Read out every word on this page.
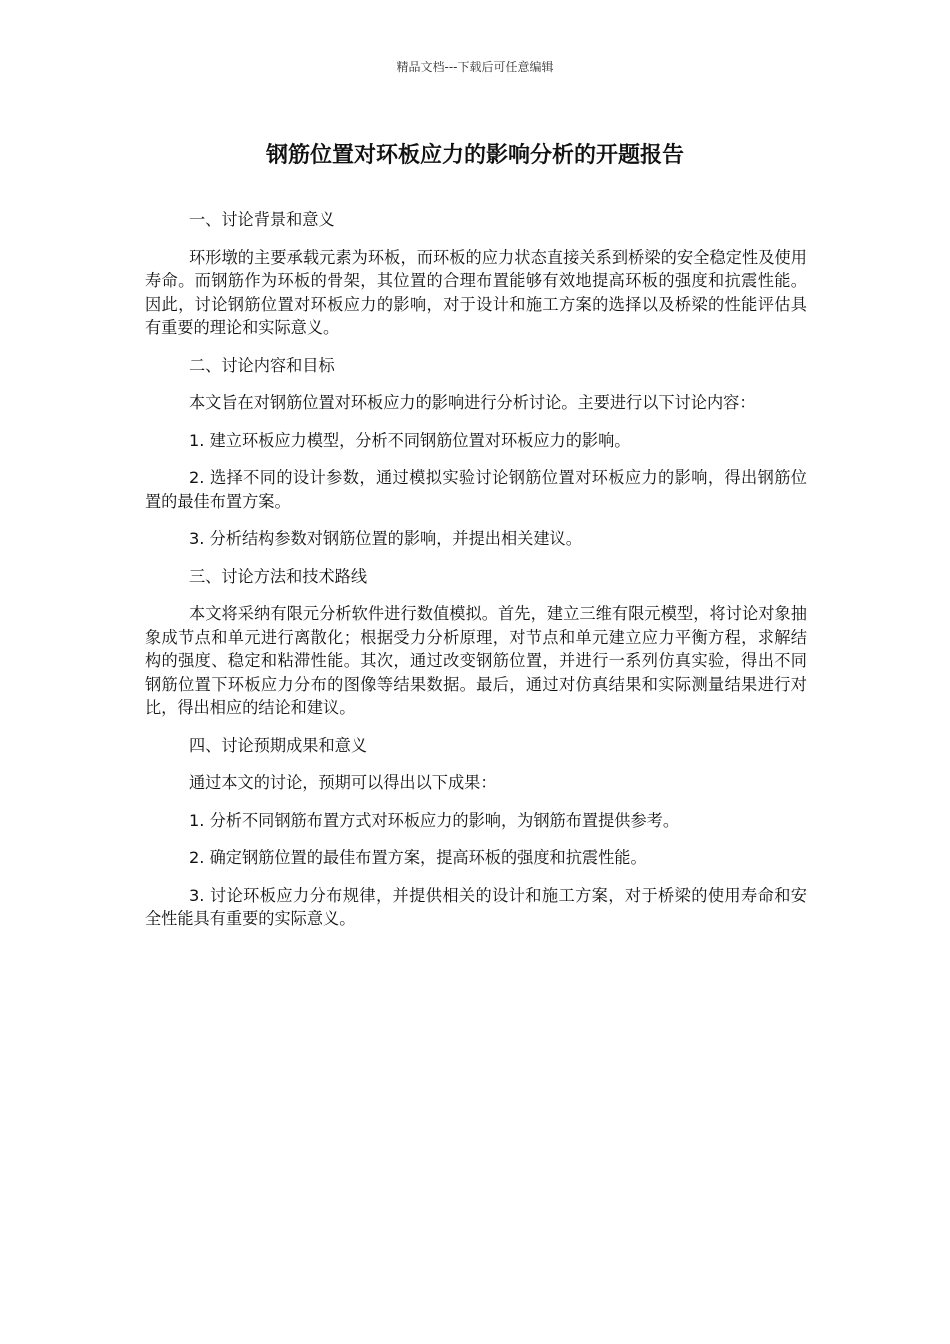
精品文档---下载后可任意编辑
钢筋位置对环板应力的影响分析的开题报告

一、讨论背景和意义

环形墩的主要承载元素为环板，而环板的应力状态直接关系到桥梁的安全稳定性及使用寿命。而钢筋作为环板的骨架，其位置的合理布置能够有效地提高环板的强度和抗震性能。因此，讨论钢筋位置对环板应力的影响，对于设计和施工方案的选择以及桥梁的性能评估具有重要的理论和实际意义。

二、讨论内容和目标

本文旨在对钢筋位置对环板应力的影响进行分析讨论。主要进行以下讨论内容：

1. 建立环板应力模型，分析不同钢筋位置对环板应力的影响。

2. 选择不同的设计参数，通过模拟实验讨论钢筋位置对环板应力的影响，得出钢筋位置的最佳布置方案。

3. 分析结构参数对钢筋位置的影响，并提出相关建议。

三、讨论方法和技术路线

本文将采纳有限元分析软件进行数值模拟。首先，建立三维有限元模型，将讨论对象抽象成节点和单元进行离散化；根据受力分析原理，对节点和单元建立应力平衡方程，求解结构的强度、稳定和粘滞性能。其次，通过改变钢筋位置，并进行一系列仿真实验，得出不同钢筋位置下环板应力分布的图像等结果数据。最后，通过对仿真结果和实际测量结果进行对比，得出相应的结论和建议。

四、讨论预期成果和意义

通过本文的讨论，预期可以得出以下成果：

1. 分析不同钢筋布置方式对环板应力的影响，为钢筋布置提供参考。

2. 确定钢筋位置的最佳布置方案，提高环板的强度和抗震性能。

3. 讨论环板应力分布规律，并提供相关的设计和施工方案，对于桥梁的使用寿命和安全性能具有重要的实际意义。
